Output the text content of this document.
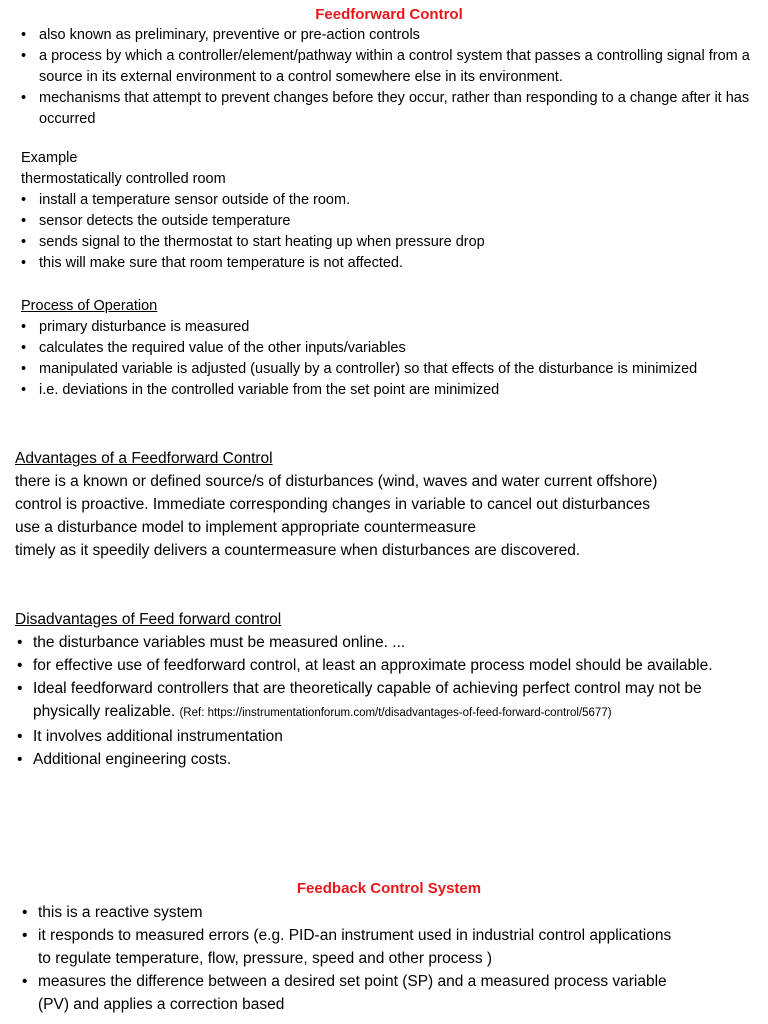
Feedforward Control
• also known as preliminary, preventive or pre-action controls
• a process by which a controller/element/pathway within a control system that passes a controlling signal from a source in its external environment to a control somewhere else in its environment.
• mechanisms that attempt to prevent changes before they occur, rather than responding to a change after it has occurred
Example
thermostatically controlled room
• install a temperature sensor outside of the room.
• sensor detects the outside temperature
• sends signal to the thermostat to start heating up when pressure drop
• this will make sure that room temperature is not affected.
Process of Operation
• primary disturbance is measured
• calculates the required value of the other inputs/variables
• manipulated variable is adjusted (usually by a controller) so that effects of the disturbance is minimized
• i.e. deviations in the controlled variable from the set point are minimized
Advantages of a Feedforward Control
there is a known or defined source/s of disturbances (wind, waves and water current offshore)
control is proactive. Immediate corresponding changes in variable to cancel out disturbances
use a disturbance model to implement appropriate countermeasure
timely as it speedily delivers a countermeasure when disturbances are discovered.
Disadvantages of Feed forward control
• the disturbance variables must be measured online. ...
• for effective use of feedforward control, at least an approximate process model should be available.
• Ideal feedforward controllers that are theoretically capable of achieving perfect control may not be physically realizable. (Ref: https://instrumentationforum.com/t/disadvantages-of-feed-forward-control/5677)
• It involves additional instrumentation
• Additional engineering costs.
Feedback Control System
• this is a reactive system
• it responds to measured errors (e.g. PID-an instrument used in industrial control applications to regulate temperature, flow, pressure, speed and other process )
• measures the difference between a desired set point (SP) and a measured process variable (PV) and applies a correction based
